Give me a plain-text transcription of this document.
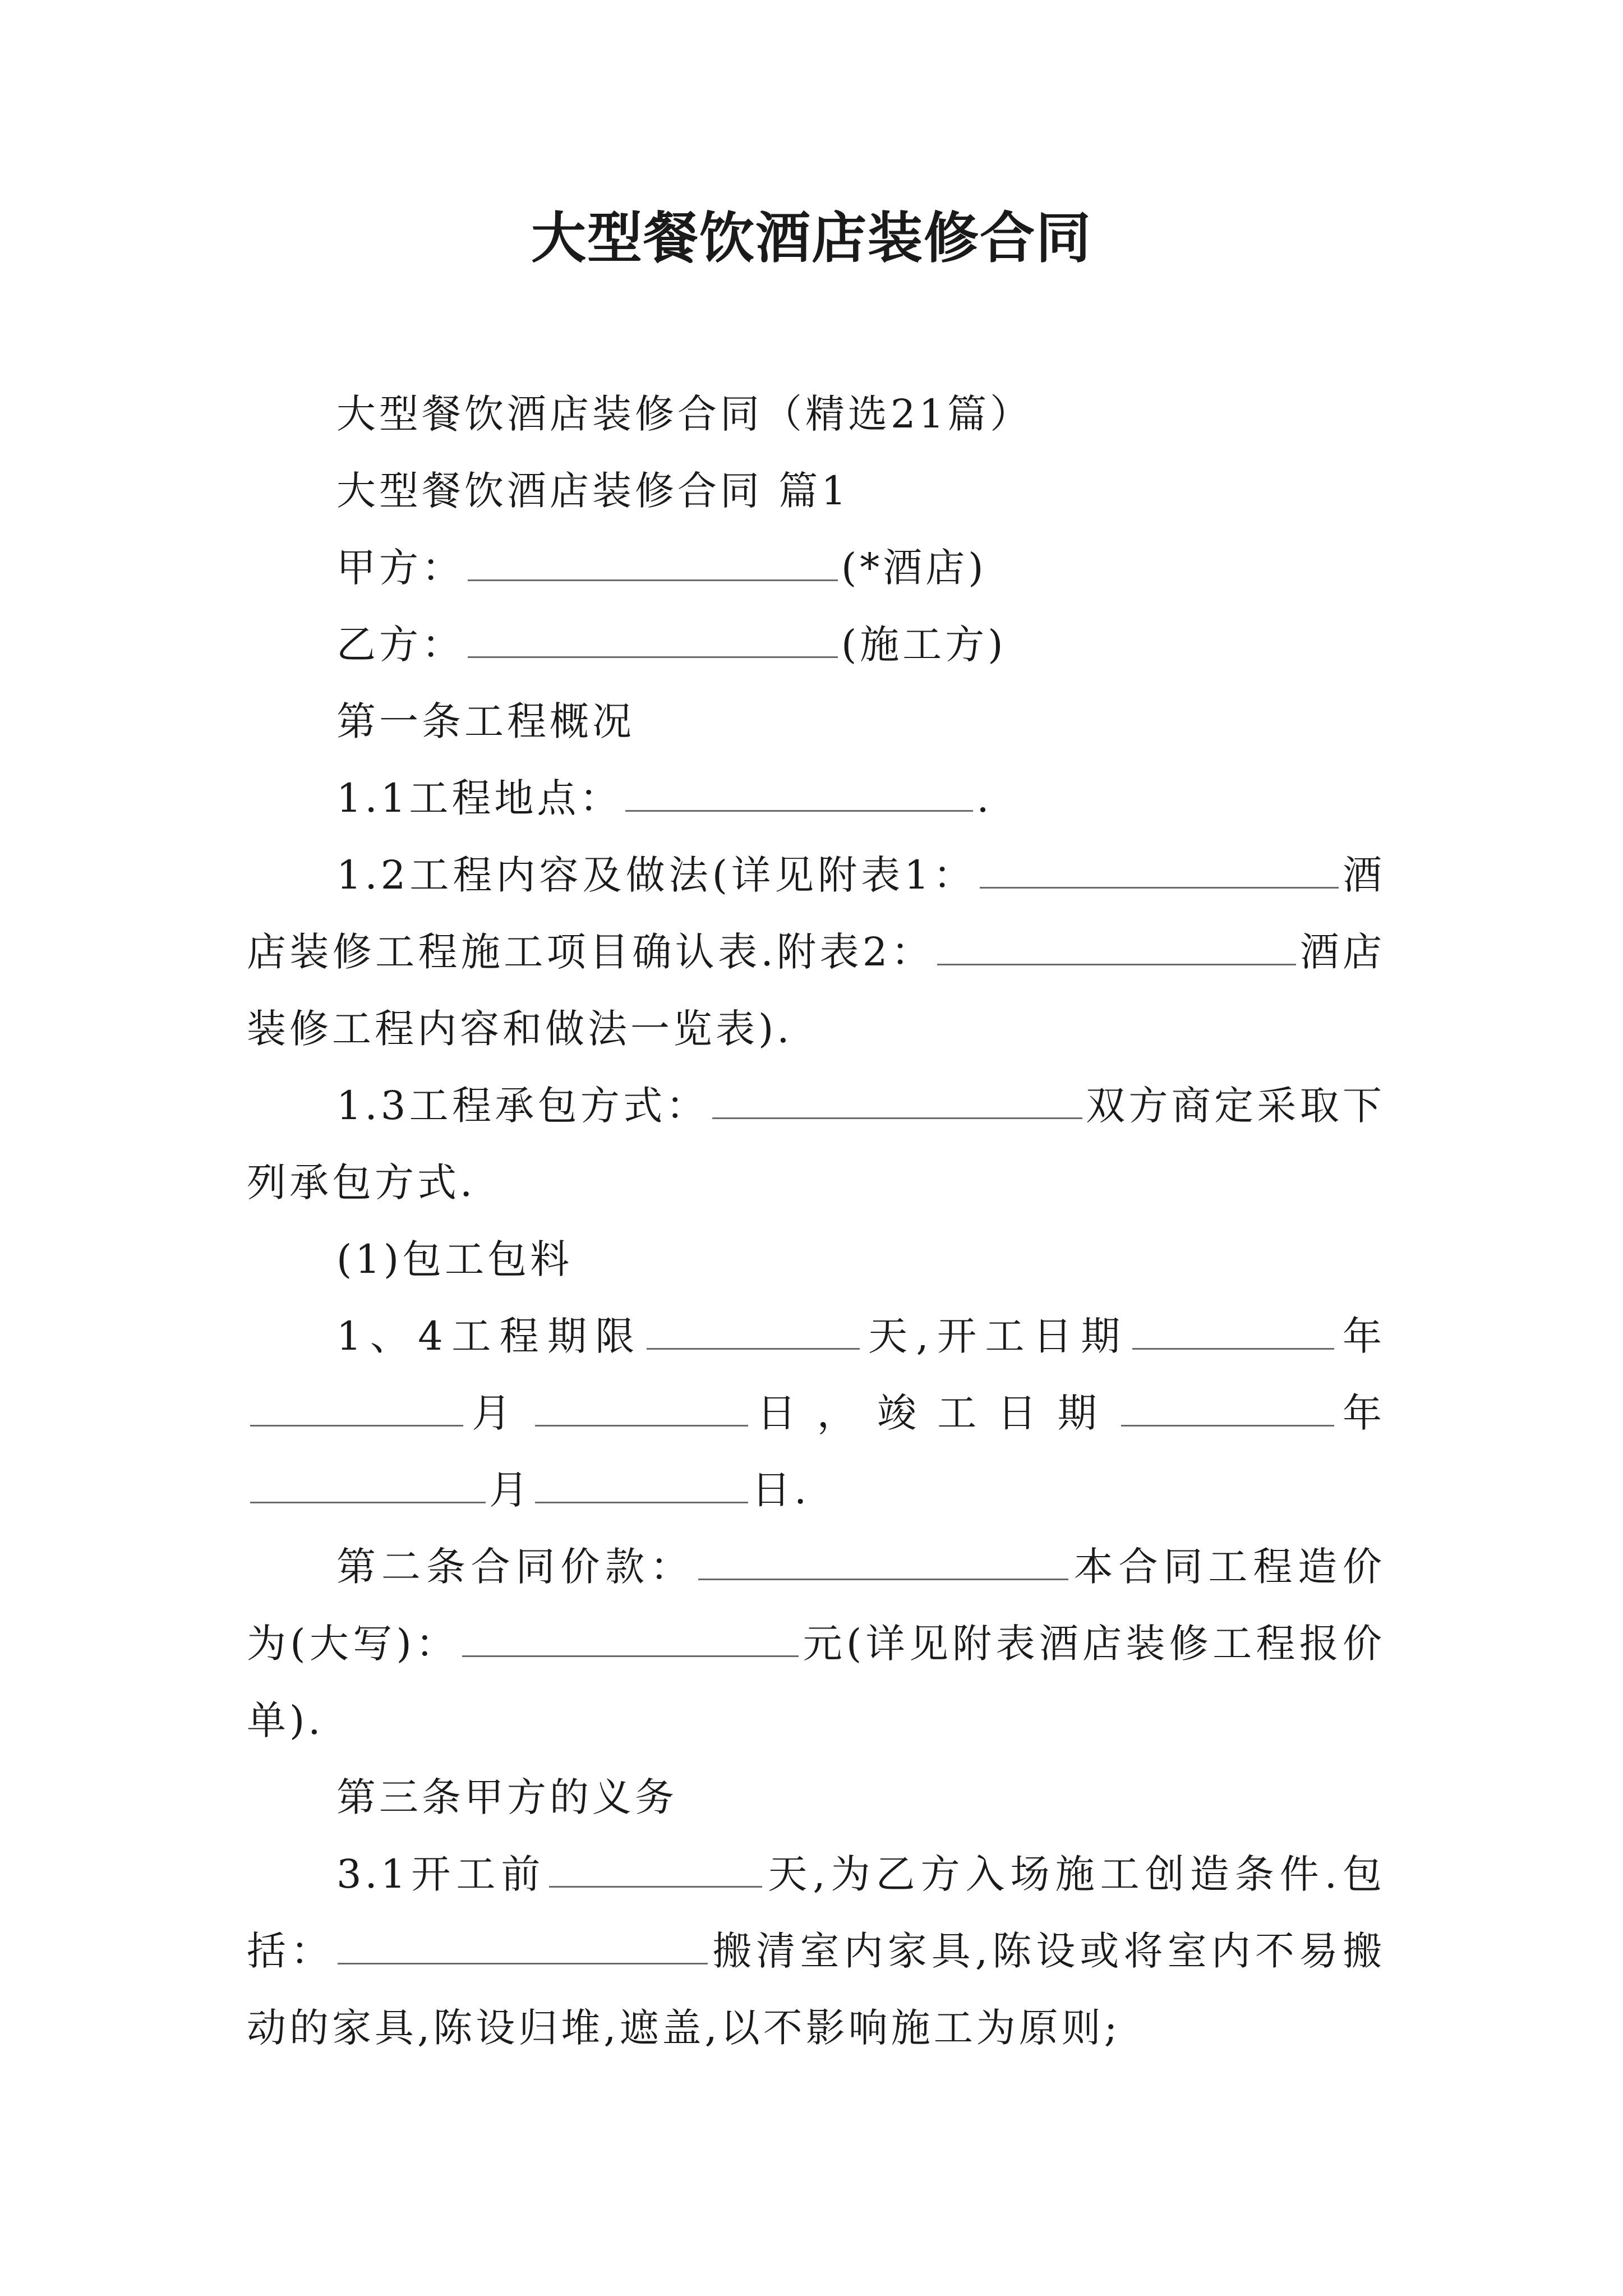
大型餐饮酒店装修合同

大型餐饮酒店装修合同（精选21篇）

大型餐饮酒店装修合同 篇1

甲方：	(*酒店)

乙方：	(施工方)

第一条工程概况

1.1工程地点：	.

1.2工程内容及做法(详见附表1：	酒店装修工程施工项目确认表.附表2：	酒店装修工程内容和做法一览表).

1.3工程承包方式：	双方商定采取下列承包方式.

(1)包工包料

1、4工程期限	天,开工日期	年月	日，竣工日期	年月	日.

第二条合同价款：	本合同工程造价为(大写)：	元(详见附表酒店装修工程报价单).

第三条甲方的义务

3.1开工前	天,为乙方入场施工创造条件.包括：	搬清室内家具,陈设或将室内不易搬动的家具,陈设归堆,遮盖,以不影响施工为原则;
